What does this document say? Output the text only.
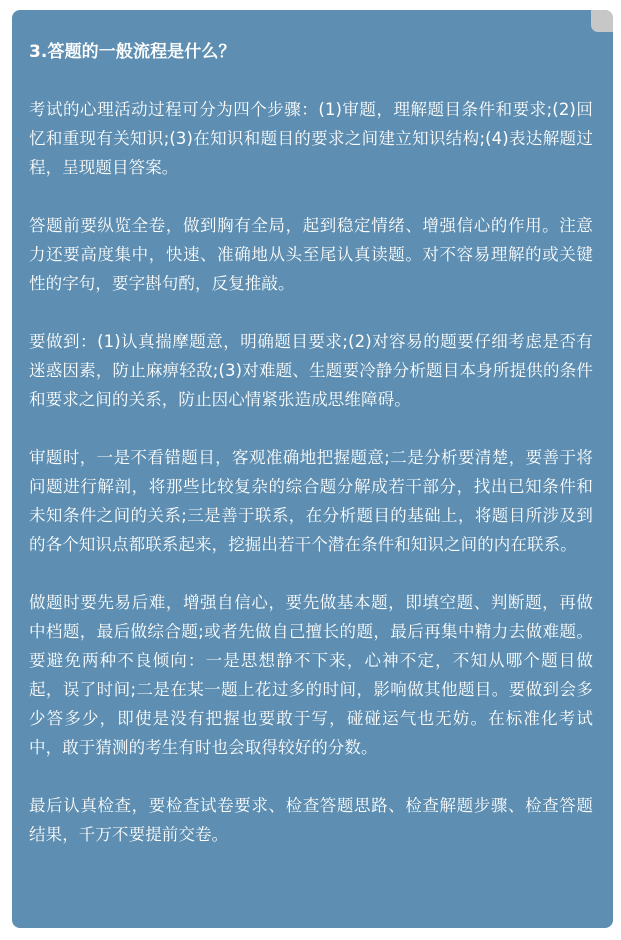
3.答题的一般流程是什么？
考试的心理活动过程可分为四个步骤：(1)审题，理解题目条件和要求;(2)回忆和重现有关知识;(3)在知识和题目的要求之间建立知识结构;(4)表达解题过程，呈现题目答案。
答题前要纵览全卷，做到胸有全局，起到稳定情绪、增强信心的作用。注意力还要高度集中，快速、准确地从头至尾认真读题。对不容易理解的或关键性的字句，要字斟句酌，反复推敲。
要做到：(1)认真揣摩题意，明确题目要求;(2)对容易的题要仔细考虑是否有迷惑因素，防止麻痹轻敌;(3)对难题、生题要冷静分析题目本身所提供的条件和要求之间的关系，防止因心情紧张造成思维障碍。
审题时，一是不看错题目，客观准确地把握题意;二是分析要清楚，要善于将问题进行解剖，将那些比较复杂的综合题分解成若干部分，找出已知条件和未知条件之间的关系;三是善于联系，在分析题目的基础上，将题目所涉及到的各个知识点都联系起来，挖掘出若干个潜在条件和知识之间的内在联系。
做题时要先易后难，增强自信心，要先做基本题，即填空题、判断题，再做中档题，最后做综合题;或者先做自己擅长的题，最后再集中精力去做难题。要避免两种不良倾向：一是思想静不下来，心神不定，不知从哪个题目做起，误了时间;二是在某一题上花过多的时间，影响做其他题目。要做到会多少答多少，即使是没有把握也要敢于写，碰碰运气也无妨。在标准化考试中，敢于猜测的考生有时也会取得较好的分数。
最后认真检查，要检查试卷要求、检查答题思路、检查解题步骤、检查答题结果，千万不要提前交卷。
